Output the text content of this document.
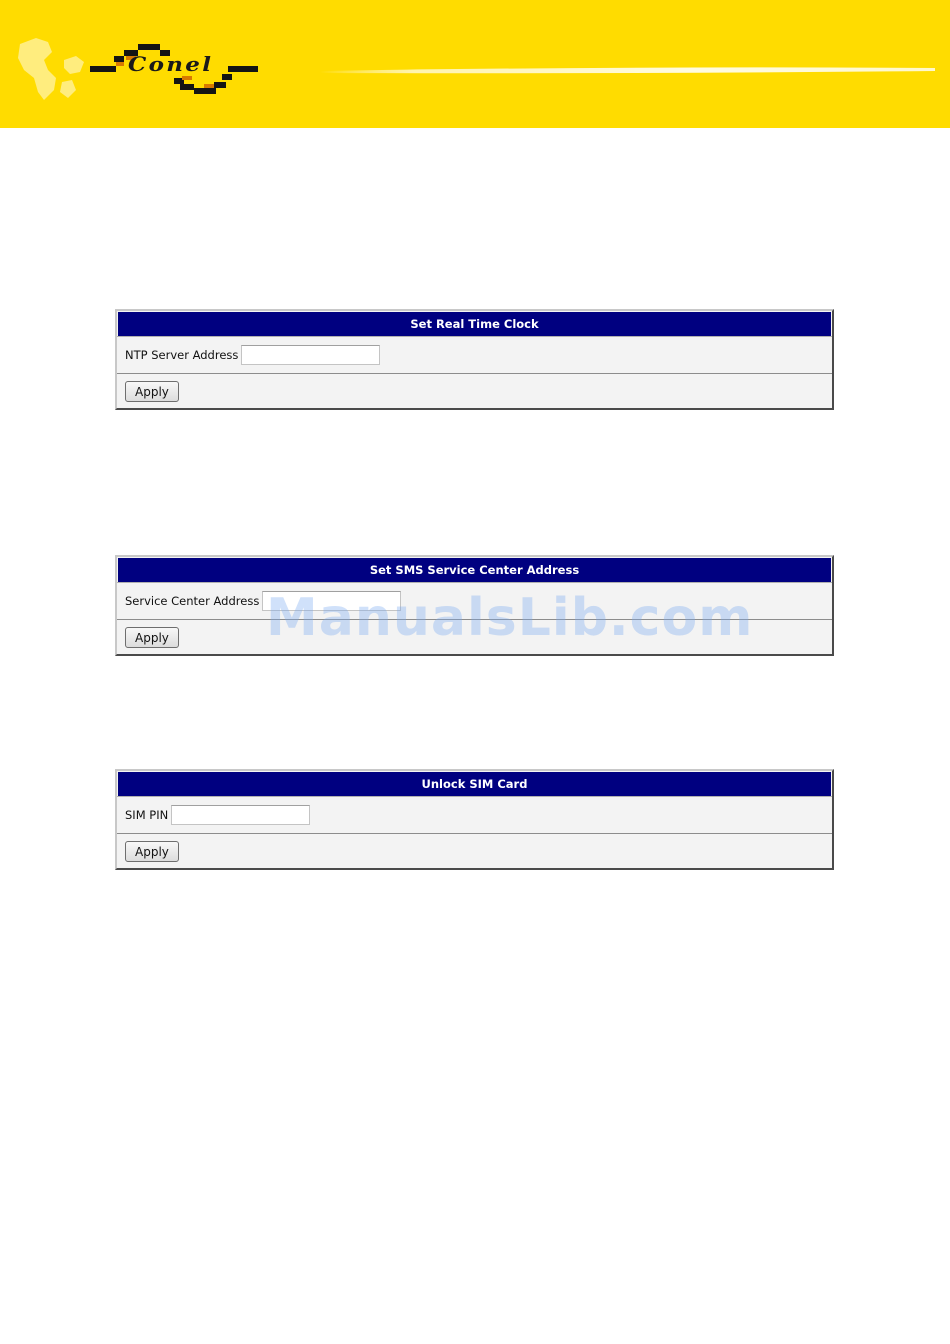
Conel
Set Real Time Clock
NTP Server Address
Apply
Set SMS Service Center Address
Service Center Address
Apply
Unlock SIM Card
SIM PIN
Apply
ManualsLib.com
